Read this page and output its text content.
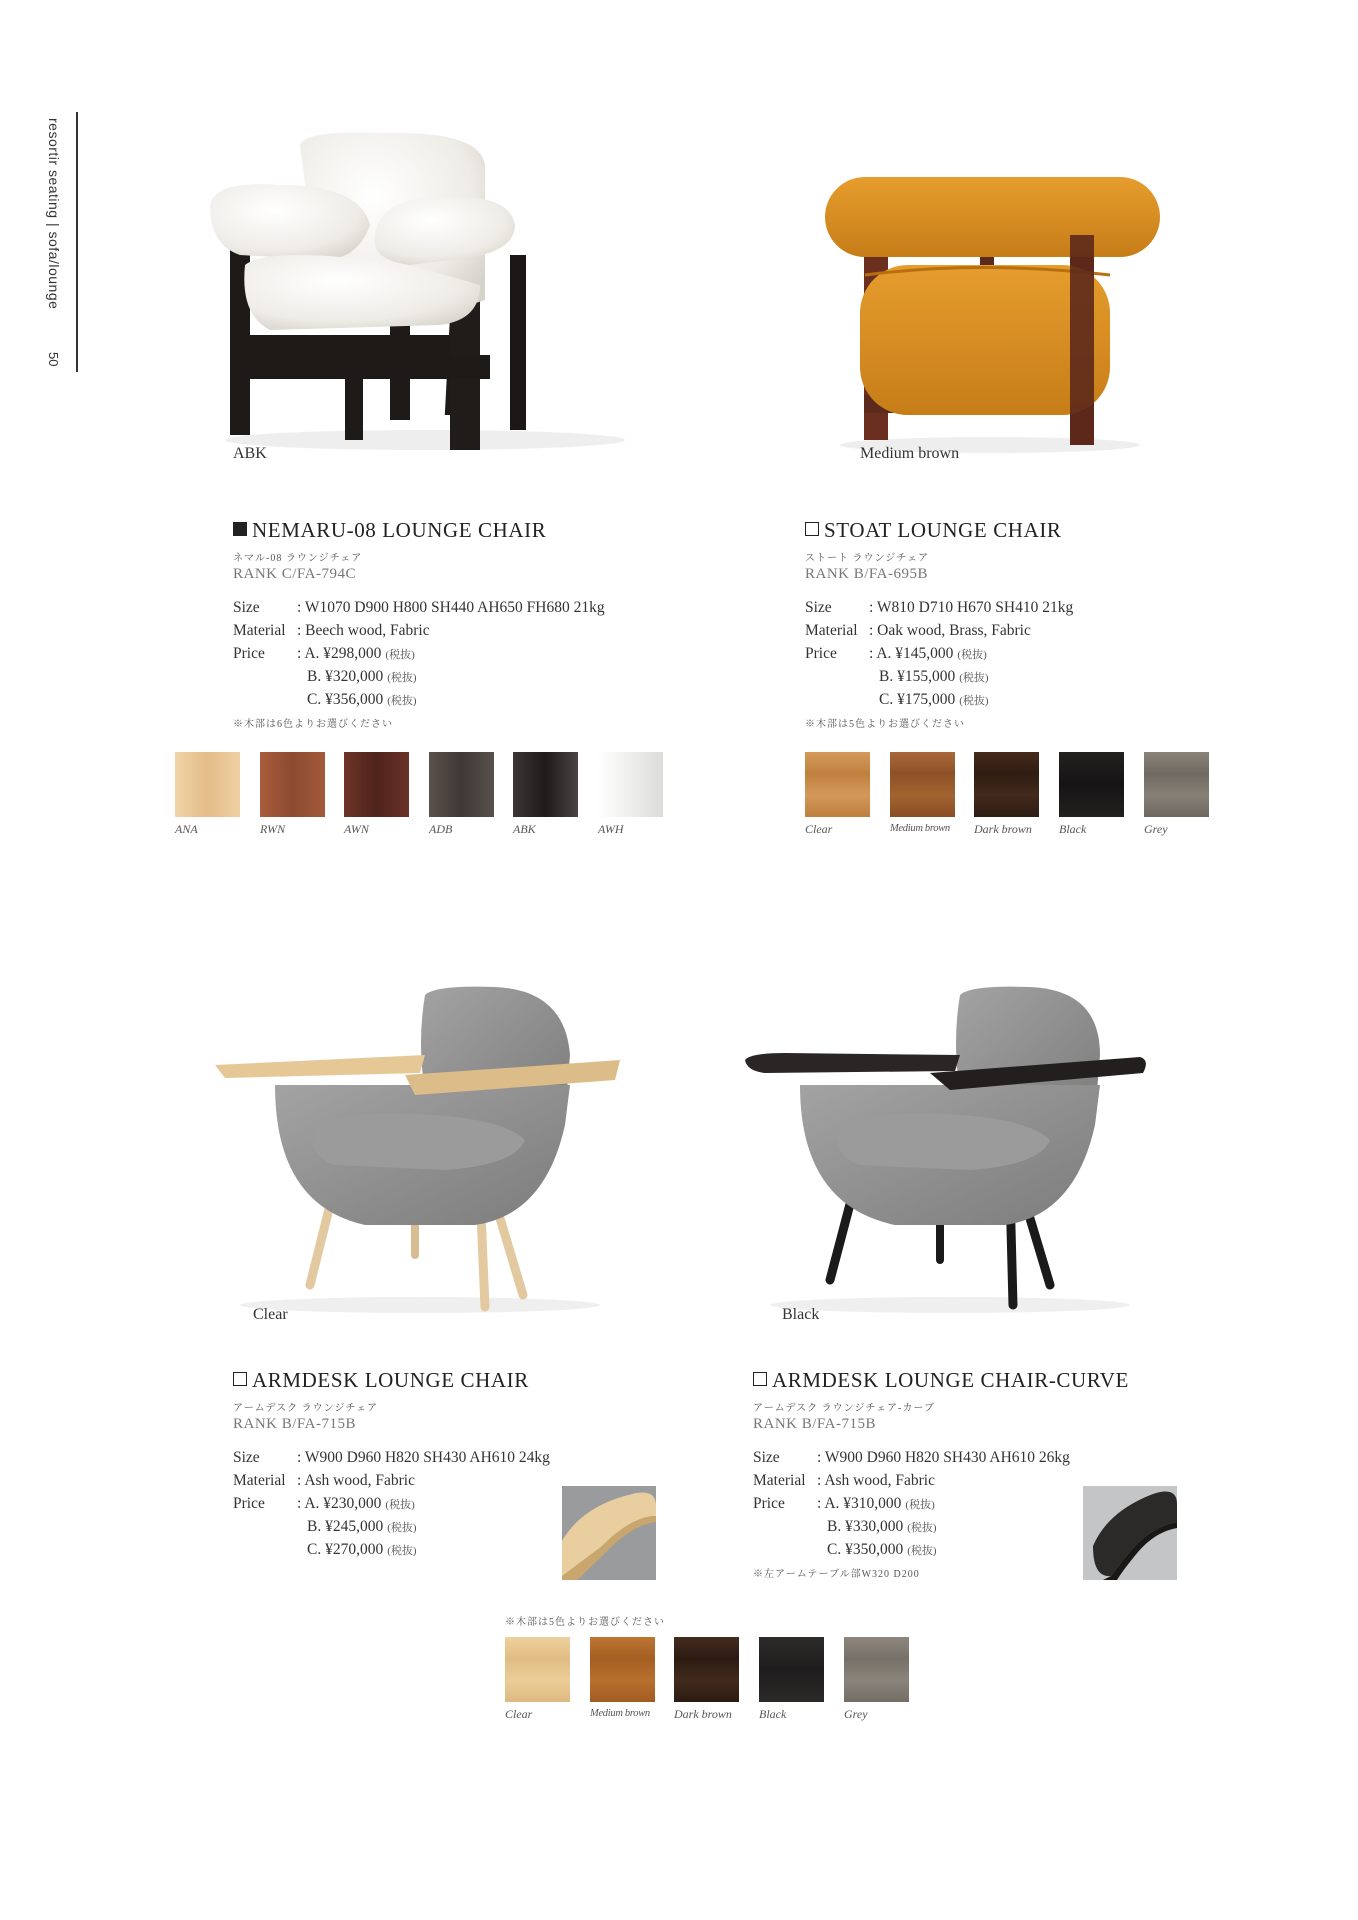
resortir seating | sofa/lounge
50
ABK	Medium brown
NEMARU-08 LOUNGE CHAIR
ネマル-08 ラウンジチェア
RANK C/FA-794C
Size : W1070 D900 H800 SH440 AH650 FH680 21kg
Material : Beech wood, Fabric
Price : A. ¥298,000 (税抜)
B. ¥320,000 (税抜)
C. ¥356,000 (税抜)
※木部は6色よりお選びください
ANA	RWN	AWN	ADB	ABK	AWH
STOAT LOUNGE CHAIR
ストート ラウンジチェア
RANK B/FA-695B
Size : W810 D710 H670 SH410 21kg
Material : Oak wood, Brass, Fabric
Price : A. ¥145,000 (税抜)
B. ¥155,000 (税抜)
C. ¥175,000 (税抜)
※木部は5色よりお選びください
Clear	Medium brown Dark brown Black	Grey
Clear	Black
ARMDESK LOUNGE CHAIR
アームデスク ラウンジチェア
RANK B/FA-715B
Size : W900 D960 H820 SH430 AH610 24kg
Material : Ash wood, Fabric
Price : A. ¥230,000 (税抜)
B. ¥245,000 (税抜)
C. ¥270,000 (税抜)
ARMDESK LOUNGE CHAIR-CURVE
アームデスク ラウンジチェア-カーブ
RANK B/FA-715B
Size : W900 D960 H820 SH430 AH610 26kg
Material : Ash wood, Fabric
Price : A. ¥310,000 (税抜)
B. ¥330,000 (税抜)
C. ¥350,000 (税抜)
※左アームテーブル部W320 D200
※木部は5色よりお選びください
Clear	Medium brown Dark brown Black	Grey
